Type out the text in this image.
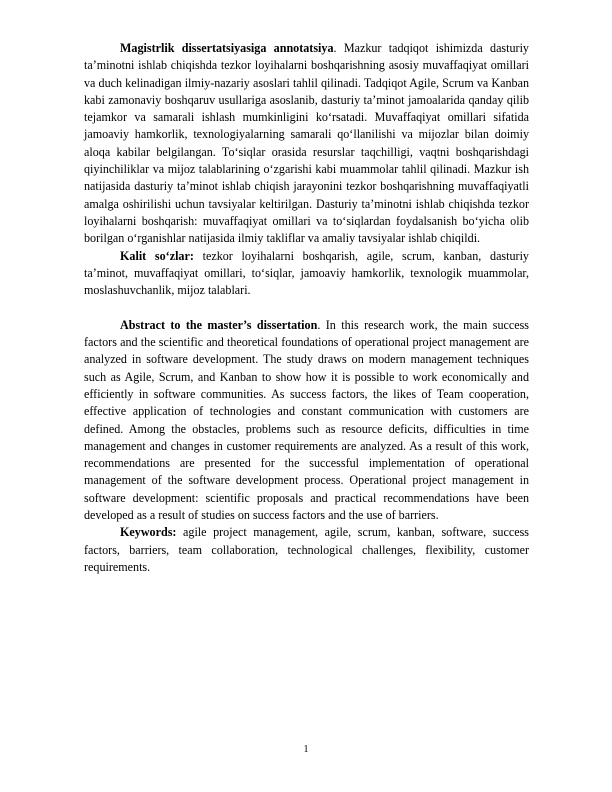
Magistrlik dissertatsiyasiga annotatsiya. Mazkur tadqiqot ishimizda dasturiy ta’minotni ishlab chiqishda tezkor loyihalarni boshqarishning asosiy muvaffaqiyat omillari va duch kelinadigan ilmiy-nazariy asoslari tahlil qilinadi. Tadqiqot Agile, Scrum va Kanban kabi zamonaviy boshqaruv usullariga asoslanib, dasturiy ta’minot jamoalarida qanday qilib tejamkor va samarali ishlash mumkinligini koʻrsatadi. Muvaffaqiyat omillari sifatida jamoaviy hamkorlik, texnologiyalarning samarali qoʻllanilishi va mijozlar bilan doimiy aloqa kabilar belgilangan. Toʻsiqlar orasida resurslar taqchilligi, vaqtni boshqarishdagi qiyinchiliklar va mijoz talablarining oʻzgarishi kabi muammolar tahlil qilinadi. Mazkur ish natijasida dasturiy ta’minot ishlab chiqish jarayonini tezkor boshqarishning muvaffaqiyatli amalga oshirilishi uchun tavsiyalar keltirilgan. Dasturiy ta’minotni ishlab chiqishda tezkor loyihalarni boshqarish: muvaffaqiyat omillari va toʻsiqlardan foydalsanish boʻyicha olib borilgan oʻrganishlar natijasida ilmiy takliflar va amaliy tavsiyalar ishlab chiqildi.

Kalit soʻzlar: tezkor loyihalarni boshqarish, agile, scrum, kanban, dasturiy ta’minot, muvaffaqiyat omillari, toʻsiqlar, jamoaviy hamkorlik, texnologik muammolar, moslashuvchanlik, mijoz talablari.

Abstract to the master’s dissertation. In this research work, the main success factors and the scientific and theoretical foundations of operational project management are analyzed in software development. The study draws on modern management techniques such as Agile, Scrum, and Kanban to show how it is possible to work economically and efficiently in software communities. As success factors, the likes of Team cooperation, effective application of technologies and constant communication with customers are defined. Among the obstacles, problems such as resource deficits, difficulties in time management and changes in customer requirements are analyzed. As a result of this work, recommendations are presented for the successful implementation of operational management of the software development process. Operational project management in software development: scientific proposals and practical recommendations have been developed as a result of studies on success factors and the use of barriers.

Keywords: agile project management, agile, scrum, kanban, software, success factors, barriers, team collaboration, technological challenges, flexibility, customer requirements.

1
